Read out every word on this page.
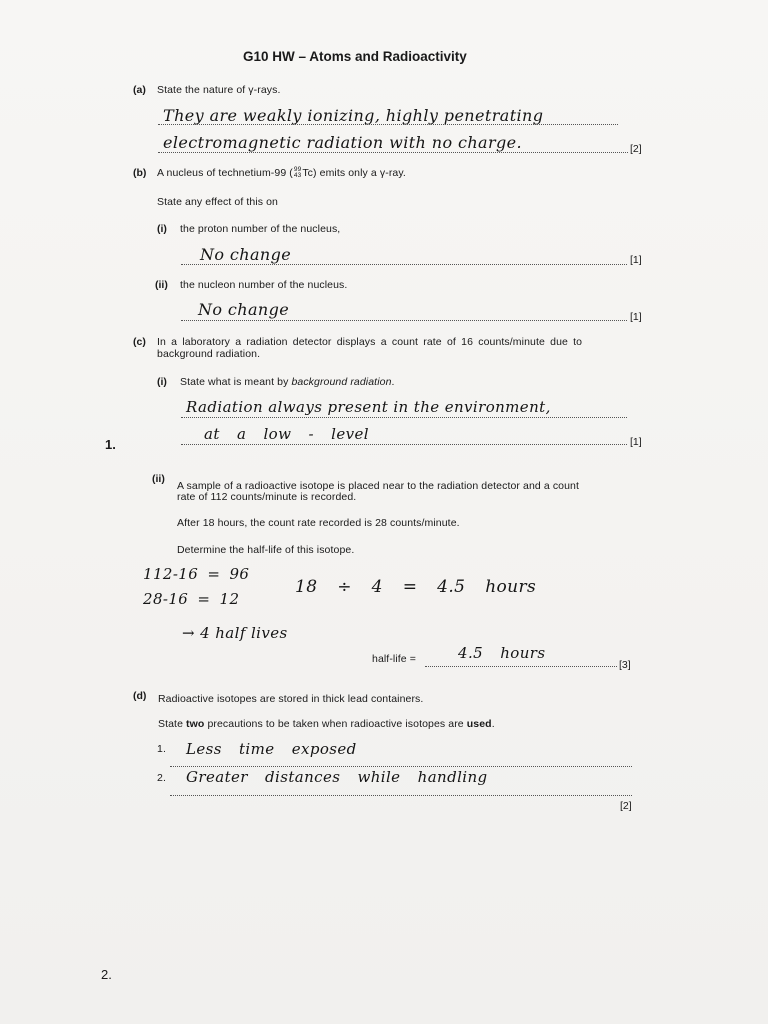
G10 HW – Atoms and Radioactivity
(a) State the nature of γ-rays.
They are weakly ionizing, highly penetrating
electromagnetic radiation with no charge.	[2]
(b) A nucleus of technetium-99 ( 99
43 Tc) emits only a γ-ray.
State any effect of this on
(i) the proton number of the nucleus,
No change	[1]
(ii) the nucleon number of the nucleus.
No change	[1]
(c) In a laboratory a radiation detector displays a count rate of 16 counts/minute due to
background radiation.
(i) State what is meant by background radiation.
Radiation always present in the environment,
at a low - level	[1]
1.
(ii)
A sample of a radioactive isotope is placed near to the radiation detector and a count
rate of 112 counts/minute is recorded.
After 18 hours, the count rate recorded is 28 counts/minute.
Determine the half-life of this isotope.
112-16 = 96
28-16 = 12
18 ÷ 4 = 4.5 hours
→ 4 half lives
half-life =	4.5 hours
[3]
(d) Radioactive isotopes are stored in thick lead containers.
State two precautions to be taken when radioactive isotopes are used.
1. Less time exposed
2. Greater distances while handling
[2]
2.
